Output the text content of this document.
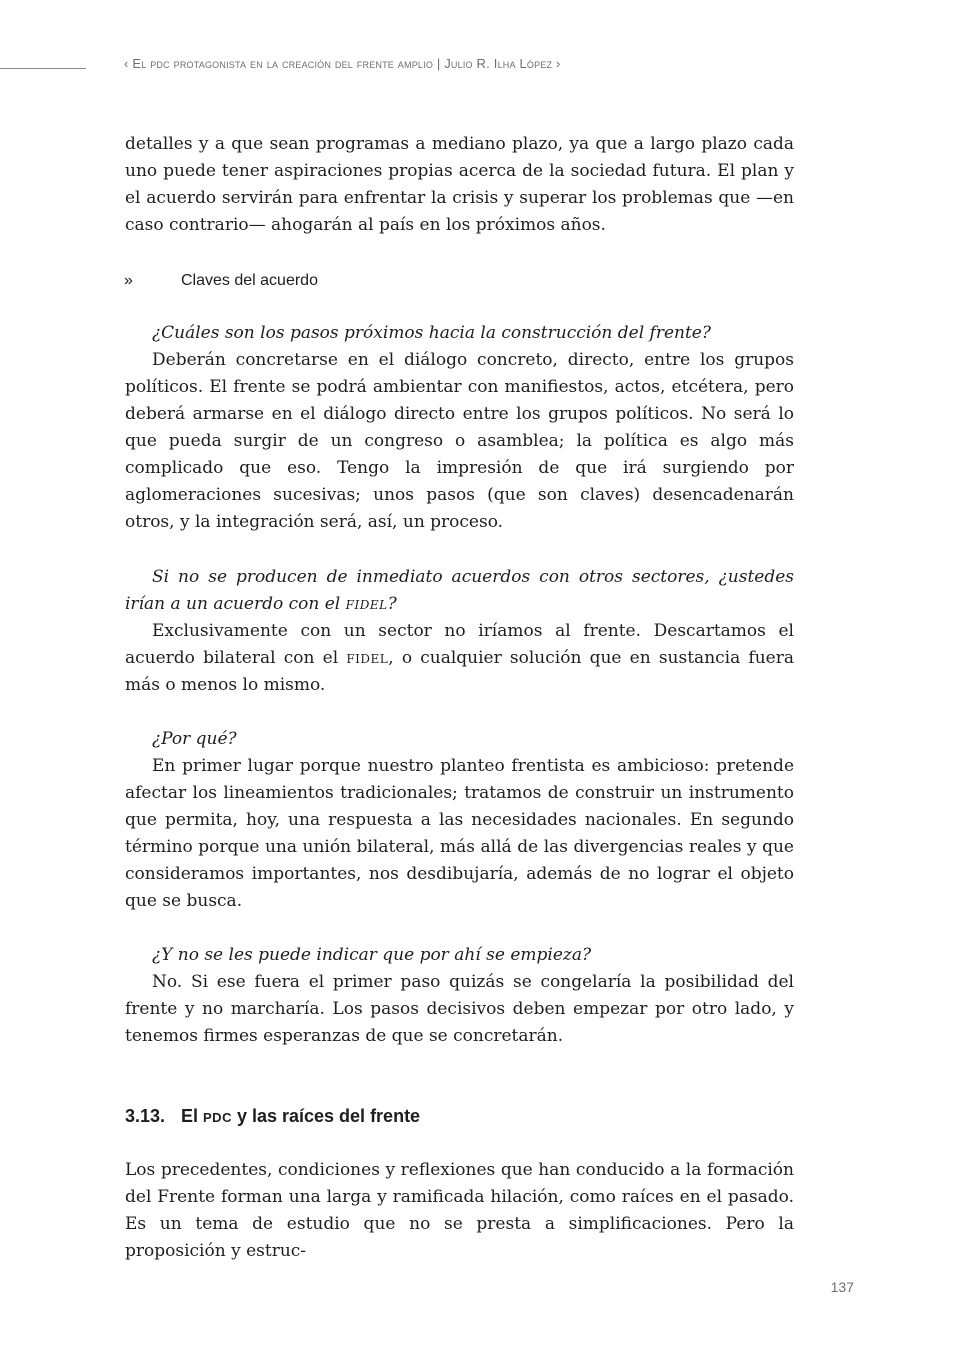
‹ El pdc protagonista en la creación del frente amplio | Julio R. Ilha López ›

detalles y a que sean programas a mediano plazo, ya que a largo plazo cada uno puede tener aspiraciones propias acerca de la sociedad futura. El plan y el acuerdo servirán para enfrentar la crisis y superar los problemas que —en caso contrario— ahogarán al país en los próximos años.

»	Claves del acuerdo

¿Cuáles son los pasos próximos hacia la construcción del frente?

Deberán concretarse en el diálogo concreto, directo, entre los grupos políticos. El frente se podrá ambientar con manifiestos, actos, etcétera, pero deberá armarse en el diálogo directo entre los grupos políticos. No será lo que pueda surgir de un congreso o asamblea; la política es algo más complicado que eso. Tengo la impresión de que irá surgiendo por aglomeraciones sucesivas; unos pasos (que son claves) desencadenarán otros, y la integración será, así, un proceso.

Si no se producen de inmediato acuerdos con otros sectores, ¿ustedes irían a un acuerdo con el fidel?

Exclusivamente con un sector no iríamos al frente. Descartamos el acuerdo bilateral con el fidel, o cualquier solución que en sustancia fuera más o menos lo mismo.

¿Por qué?

En primer lugar porque nuestro planteo frentista es ambicioso: pretende afectar los lineamientos tradicionales; tratamos de construir un instrumento que permita, hoy, una respuesta a las necesidades nacionales. En segundo término porque una unión bilateral, más allá de las divergencias reales y que consideramos importantes, nos desdibujaría, además de no lograr el objeto que se busca.

¿Y no se les puede indicar que por ahí se empieza?

No. Si ese fuera el primer paso quizás se congelaría la posibilidad del frente y no marcharía. Los pasos decisivos deben empezar por otro lado, y tenemos firmes esperanzas de que se concretarán.

3.13. El pdc y las raíces del frente

Los precedentes, condiciones y reflexiones que han conducido a la formación del Frente forman una larga y ramificada hilación, como raíces en el pasado. Es un tema de estudio que no se presta a simplificaciones. Pero la proposición y estruc-

137
